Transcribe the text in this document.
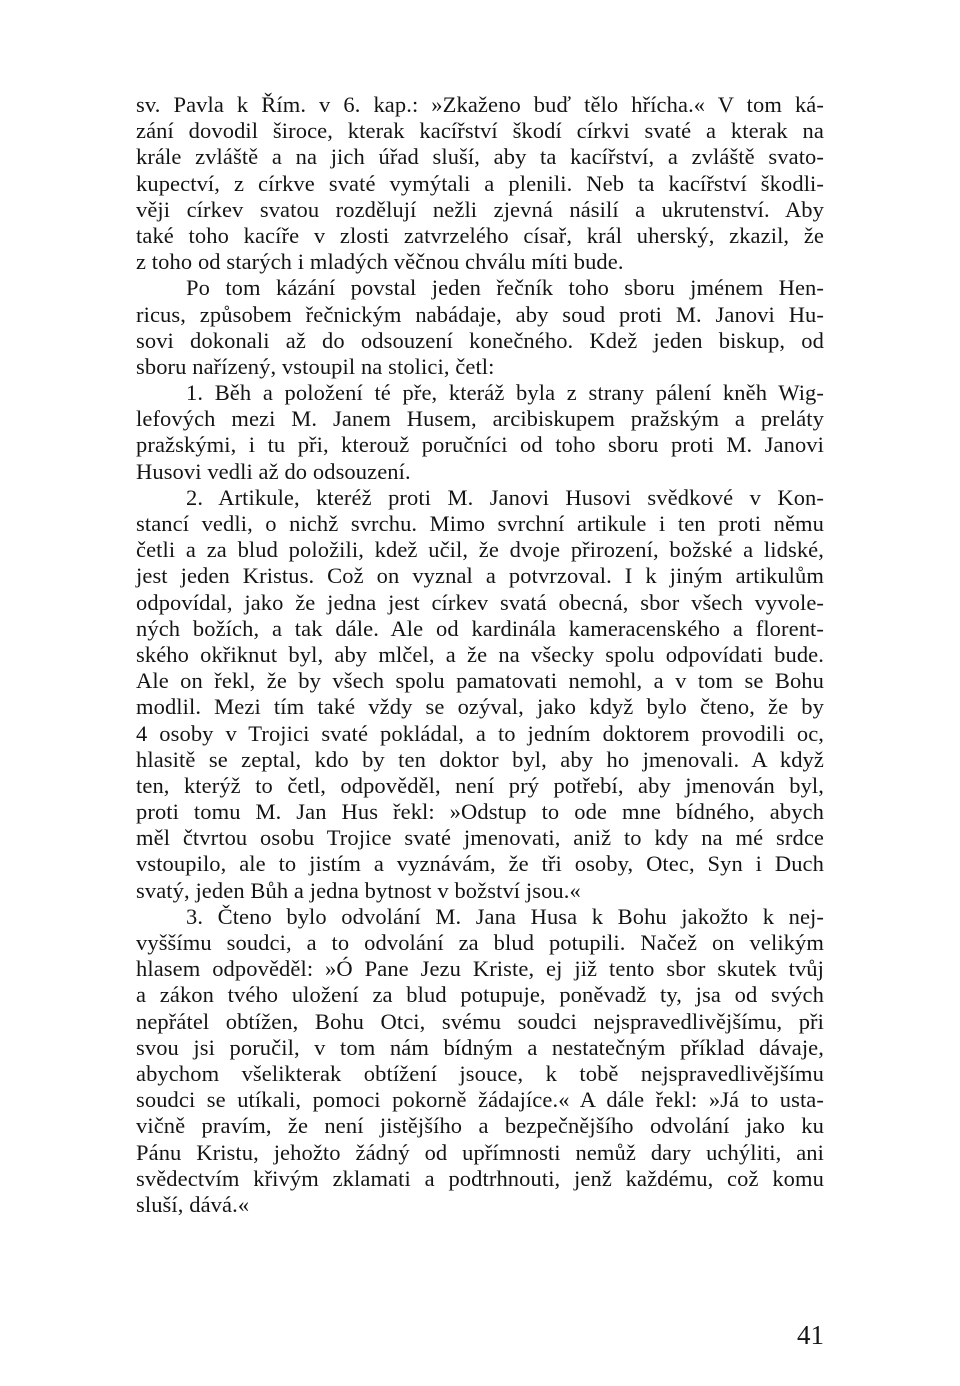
sv. Pavla k Řím. v 6. kap.: »Zkaženo buď tělo hřícha.« V tom ká-
zání dovodil široce, kterak kacířství škodí církvi svaté a kterak na
krále zvláště a na jich úřad sluší, aby ta kacířství, a zvláště svato-
kupectví, z církve svaté vymýtali a plenili. Neb ta kacířství škodli-
věji církev svatou rozdělují nežli zjevná násilí a ukrutenství. Aby
také toho kacíře v zlosti zatvrzelého císař, král uherský, zkazil, že
z toho od starých i mladých věčnou chválu míti bude.
Po tom kázání povstal jeden řečník toho sboru jménem Hen-
ricus, způsobem řečnickým nabádaje, aby soud proti M. Janovi Hu-
sovi dokonali až do odsouzení konečného. Kdež jeden biskup, od
sboru nařízený, vstoupil na stolici, četl:
1. Běh a položení té pře, kteráž byla z strany pálení kněh Wig-
lefových mezi M. Janem Husem, arcibiskupem pražským a preláty
pražskými, i tu při, kterouž poručníci od toho sboru proti M. Janovi
Husovi vedli až do odsouzení.
2. Artikule, kteréž proti M. Janovi Husovi svědkové v Kon-
stancí vedli, o nichž svrchu. Mimo svrchní artikule i ten proti němu
četli a za blud položili, kdež učil, že dvoje přirození, božské a lidské,
jest jeden Kristus. Což on vyznal a potvrzoval. I k jiným artikulům
odpovídal, jako že jedna jest církev svatá obecná, sbor všech vyvole-
ných božích, a tak dále. Ale od kardinála kameracenského a florent-
ského okřiknut byl, aby mlčel, a že na všecky spolu odpovídati bude.
Ale on řekl, že by všech spolu pamatovati nemohl, a v tom se Bohu
modlil. Mezi tím také vždy se ozýval, jako když bylo čteno, že by
4 osoby v Trojici svaté pokládal, a to jedním doktorem provodili oc,
hlasitě se zeptal, kdo by ten doktor byl, aby ho jmenovali. A když
ten, kterýž to četl, odpověděl, není prý potřebí, aby jmenován byl,
proti tomu M. Jan Hus řekl: »Odstup to ode mne bídného, abych
měl čtvrtou osobu Trojice svaté jmenovati, aniž to kdy na mé srdce
vstoupilo, ale to jistím a vyznávám, že tři osoby, Otec, Syn i Duch
svatý, jeden Bůh a jedna bytnost v božství jsou.«
3. Čteno bylo odvolání M. Jana Husa k Bohu jakožto k nej-
vyššímu soudci, a to odvolání za blud potupili. Načež on velikým
hlasem odpověděl: »Ó Pane Jezu Kriste, ej již tento sbor skutek tvůj
a zákon tvého uložení za blud potupuje, poněvadž ty, jsa od svých
nepřátel obtížen, Bohu Otci, svému soudci nejspravedlivějšímu, při
svou jsi poručil, v tom nám bídným a nestatečným příklad dávaje,
abychom všelikterak obtížení jsouce, k tobě nejspravedlivějšímu
soudci se utíkali, pomoci pokorně žádajíce.« A dále řekl: »Já to usta-
vičně pravím, že není jistějšího a bezpečnějšího odvolání jako ku
Pánu Kristu, jehožto žádný od upřímnosti nemůž dary uchýliti, ani
svědectvím křivým zklamati a podtrhnouti, jenž každému, což komu
sluší, dává.«
41
